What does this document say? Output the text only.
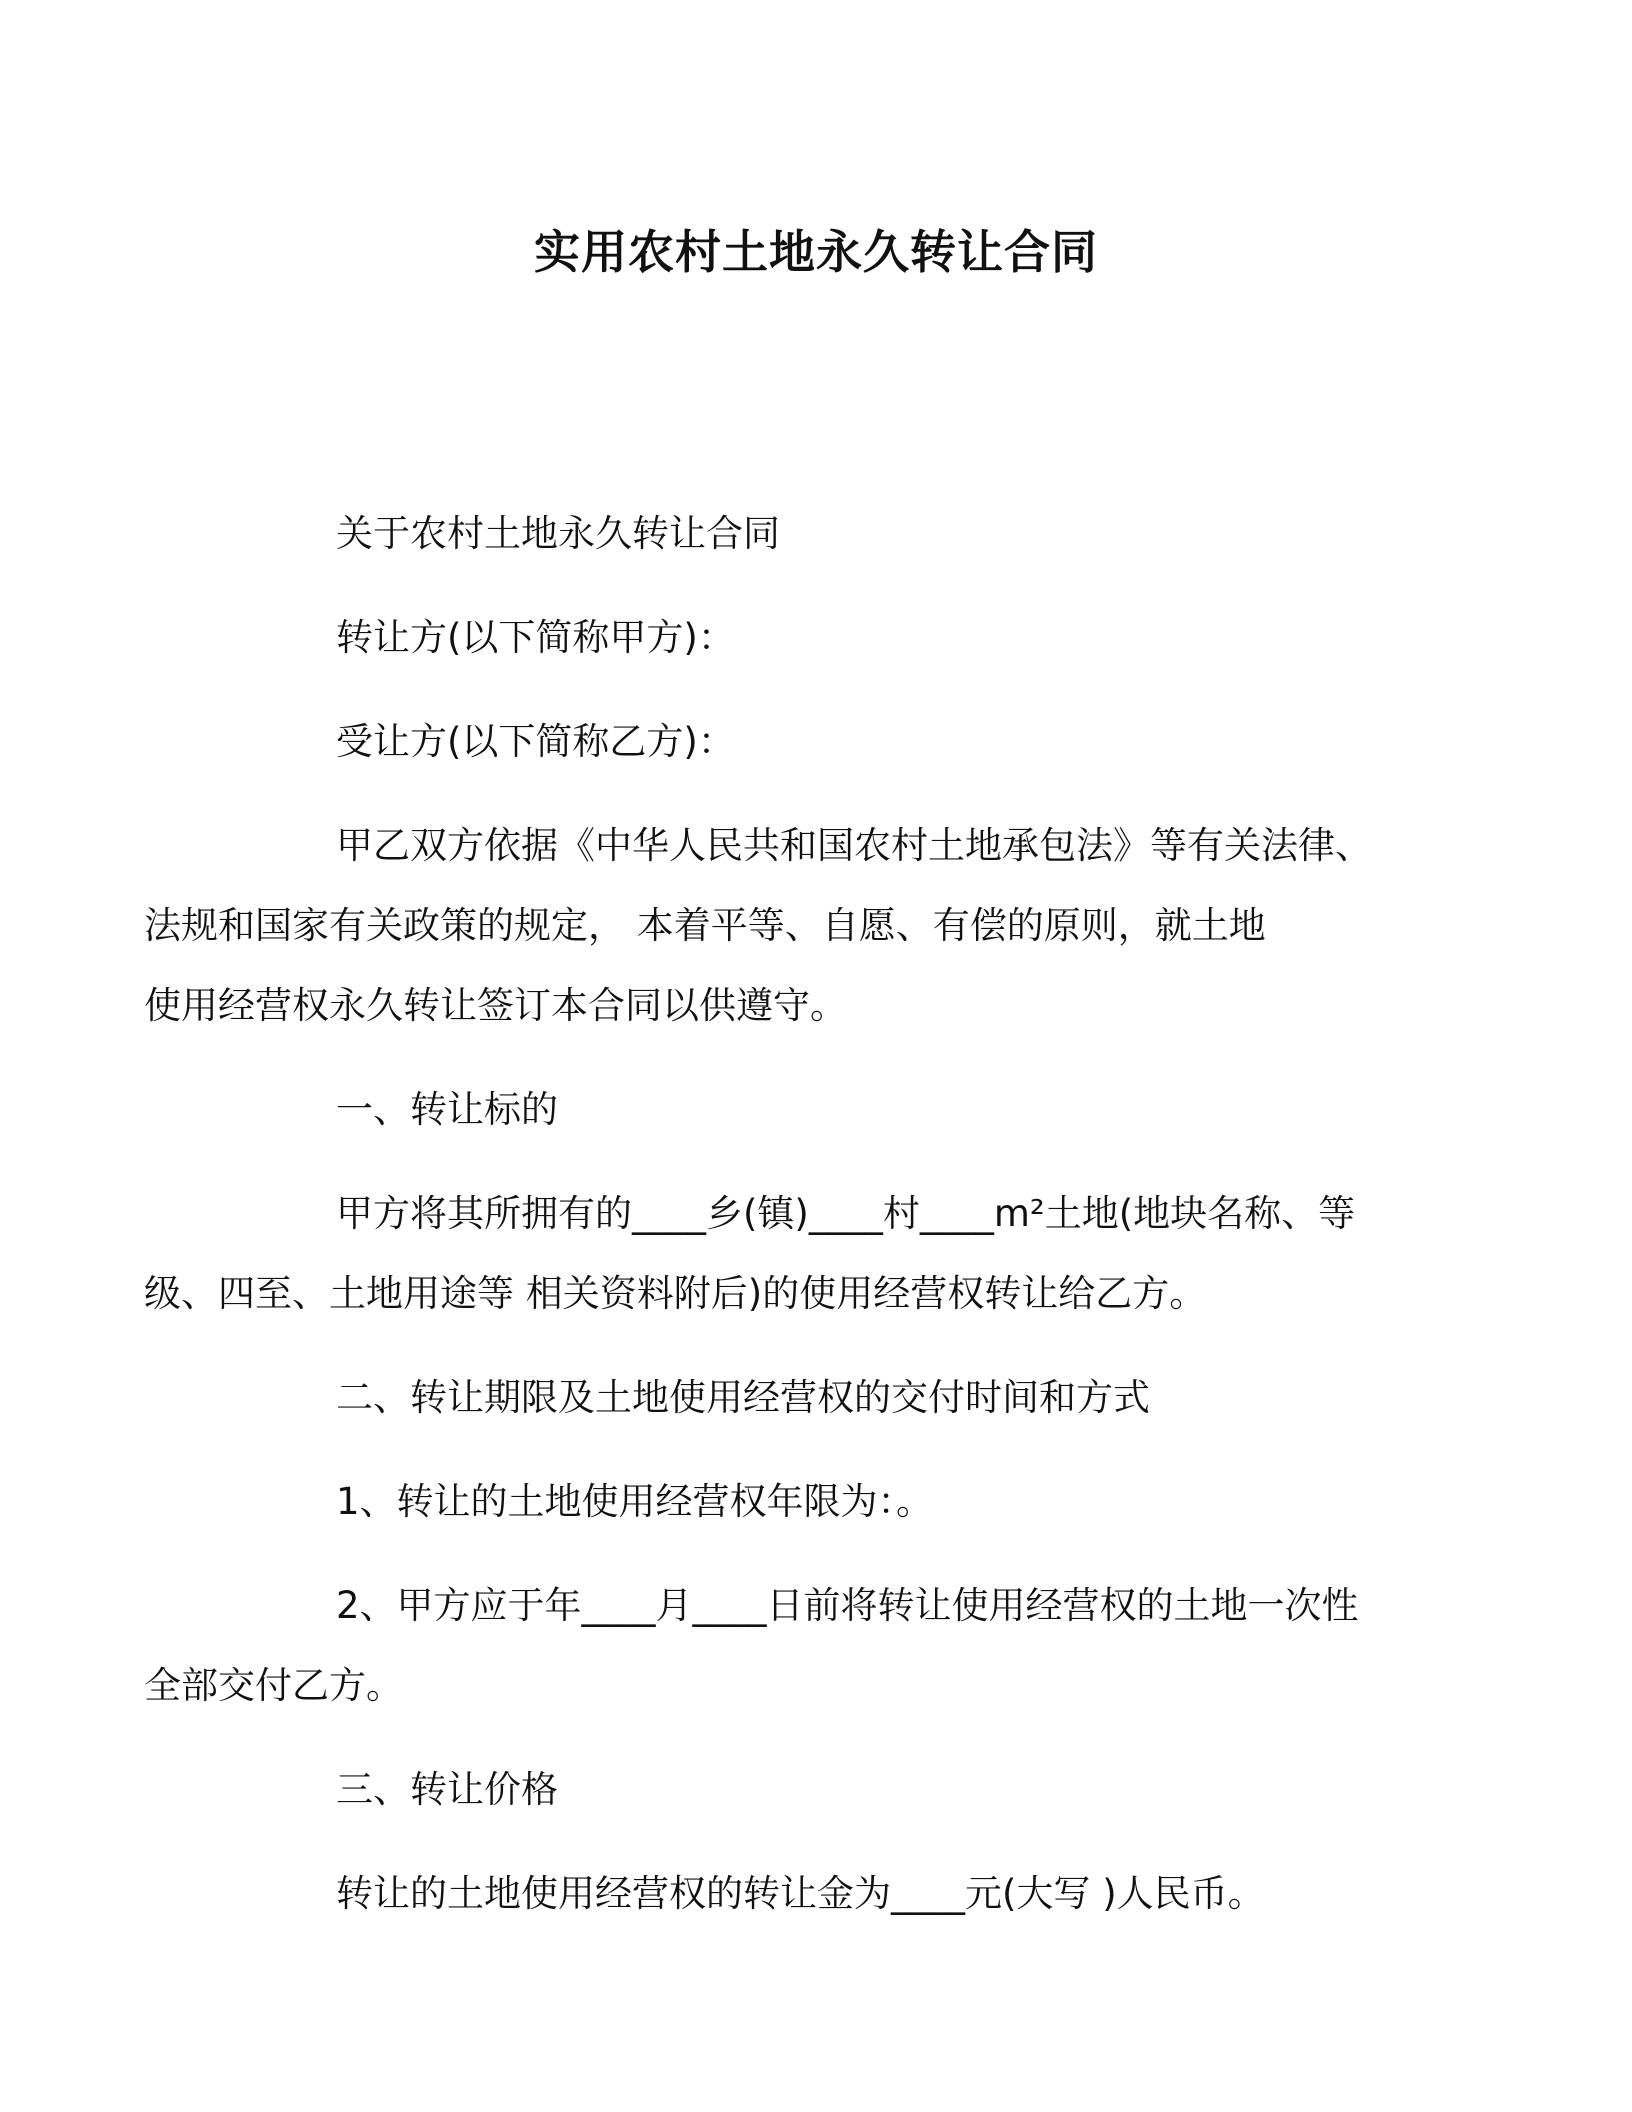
实用农村土地永久转让合同

关于农村土地永久转让合同

转让方(以下简称甲方)：

受让方(以下简称乙方)：

甲乙双方依据《中华人民共和国农村土地承包法》等有关法律、
法规和国家有关政策的规定， 本着平等、自愿、有偿的原则，就土地
使用经营权永久转让签订本合同以供遵守。

一、转让标的

甲方将其所拥有的____乡(镇)____村____m²土地(地块名称、等
级、四至、土地用途等 相关资料附后)的使用经营权转让给乙方。

二、转让期限及土地使用经营权的交付时间和方式

1、转让的土地使用经营权年限为：。

2、甲方应于年____月____日前将转让使用经营权的土地一次性
全部交付乙方。

三、转让价格

转让的土地使用经营权的转让金为____元(大写 )人民币。
